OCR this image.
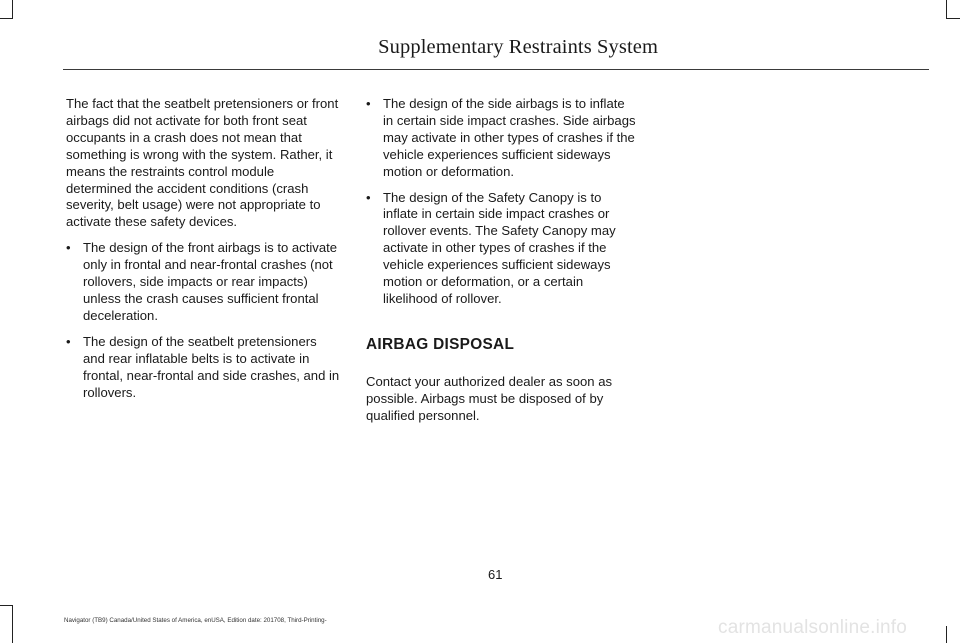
Supplementary Restraints System

The fact that the seatbelt pretensioners or front airbags did not activate for both front seat occupants in a crash does not mean that something is wrong with the system. Rather, it means the restraints control module determined the accident conditions (crash severity, belt usage) were not appropriate to activate these safety devices.

• The design of the front airbags is to activate only in frontal and near-frontal crashes (not rollovers, side impacts or rear impacts) unless the crash causes sufficient frontal deceleration.

• The design of the seatbelt pretensioners and rear inflatable belts is to activate in frontal, near-frontal and side crashes, and in rollovers.

• The design of the side airbags is to inflate in certain side impact crashes. Side airbags may activate in other types of crashes if the vehicle experiences sufficient sideways motion or deformation.

• The design of the Safety Canopy is to inflate in certain side impact crashes or rollover events. The Safety Canopy may activate in other types of crashes if the vehicle experiences sufficient sideways motion or deformation, or a certain likelihood of rollover.

AIRBAG DISPOSAL

Contact your authorized dealer as soon as possible. Airbags must be disposed of by qualified personnel.

61
Navigator (TB9) Canada/United States of America, enUSA, Edition date: 201708, Third-Printing-	carmanualsonline.info
